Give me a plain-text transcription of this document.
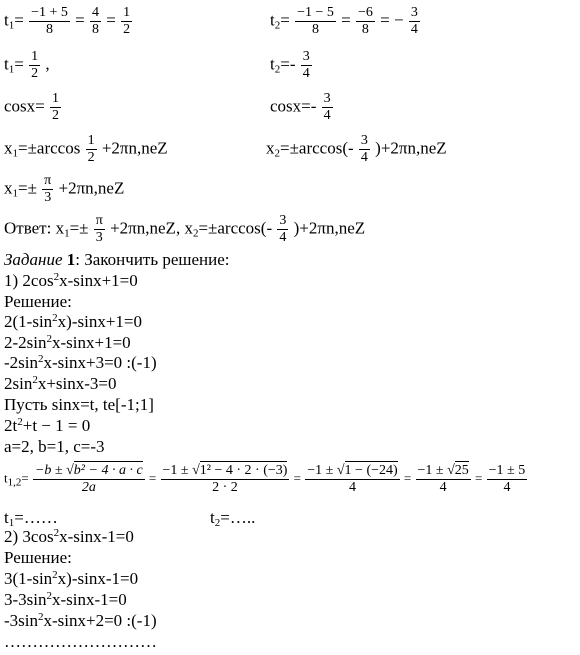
$t_1= \frac{-1 + 5}{8} = \frac{4}{8} = \frac{1}{2}$	$t_2= \frac{-1 - 5}{8} = \frac{-6}{8}$ = − $\frac{3}{4}$
$t_1= \frac{1}{2}$ ,	$t_2=- \frac{3}{4}$
$\cos x= \frac{1}{2}$	$\cos x=- \frac{3}{4}$
$x_1=\pm\arccos \frac{1}{2} +2\pi n,neZ$	$x_2=\pm\arccos(- \frac{3}{4} )+2\pi n,neZ$
$x_1=\pm \frac{\pi}{3} +2\pi n,neZ$
Ответ: $x_1=\pm \frac{\pi}{3} +2\pi n,neZ$, $x_2=\pm\arccos(- \frac{3}{4} )+2\pi n,neZ$
Задание 1: Закончить решение:
1) $2\cos^2x-\sin x+1=0$
Решение:
$2(1-\sin^2x)-\sin x+1=0$
$2-2\sin^2x-\sin x+1=0$
$-2\sin^2x-\sin x+3=0$ :(-1)
$2\sin^2x+\sin x-3=0$
Пусть sinx=t, te[-1;1]
$2t^2+t - 1 = 0$
a=2, b=1, c=-3
$t_{1,2}= \frac{\text{−b ± √b² − 4 · a · c}}{2a} = \frac{\text{−1 ± √1² − 4 · 2 · (−3)}}{2 \cdot 2} = \frac{-1 \pm √1 - (-24)}{4} = \frac{-1 \pm √25}{4} = \frac{-1 \pm 5}{4}$
$t_1=\dots\dots$	$t_2=\dots$..
2) $3\cos^2x-\sin x-1=0$
Решение:
$3(1-\sin^2x)-\sin x-1=0$
$3-3\sin^2x-\sin x-1=0$
$-3\sin^2x-\sin x+2=0$ :(-1)
………………………
